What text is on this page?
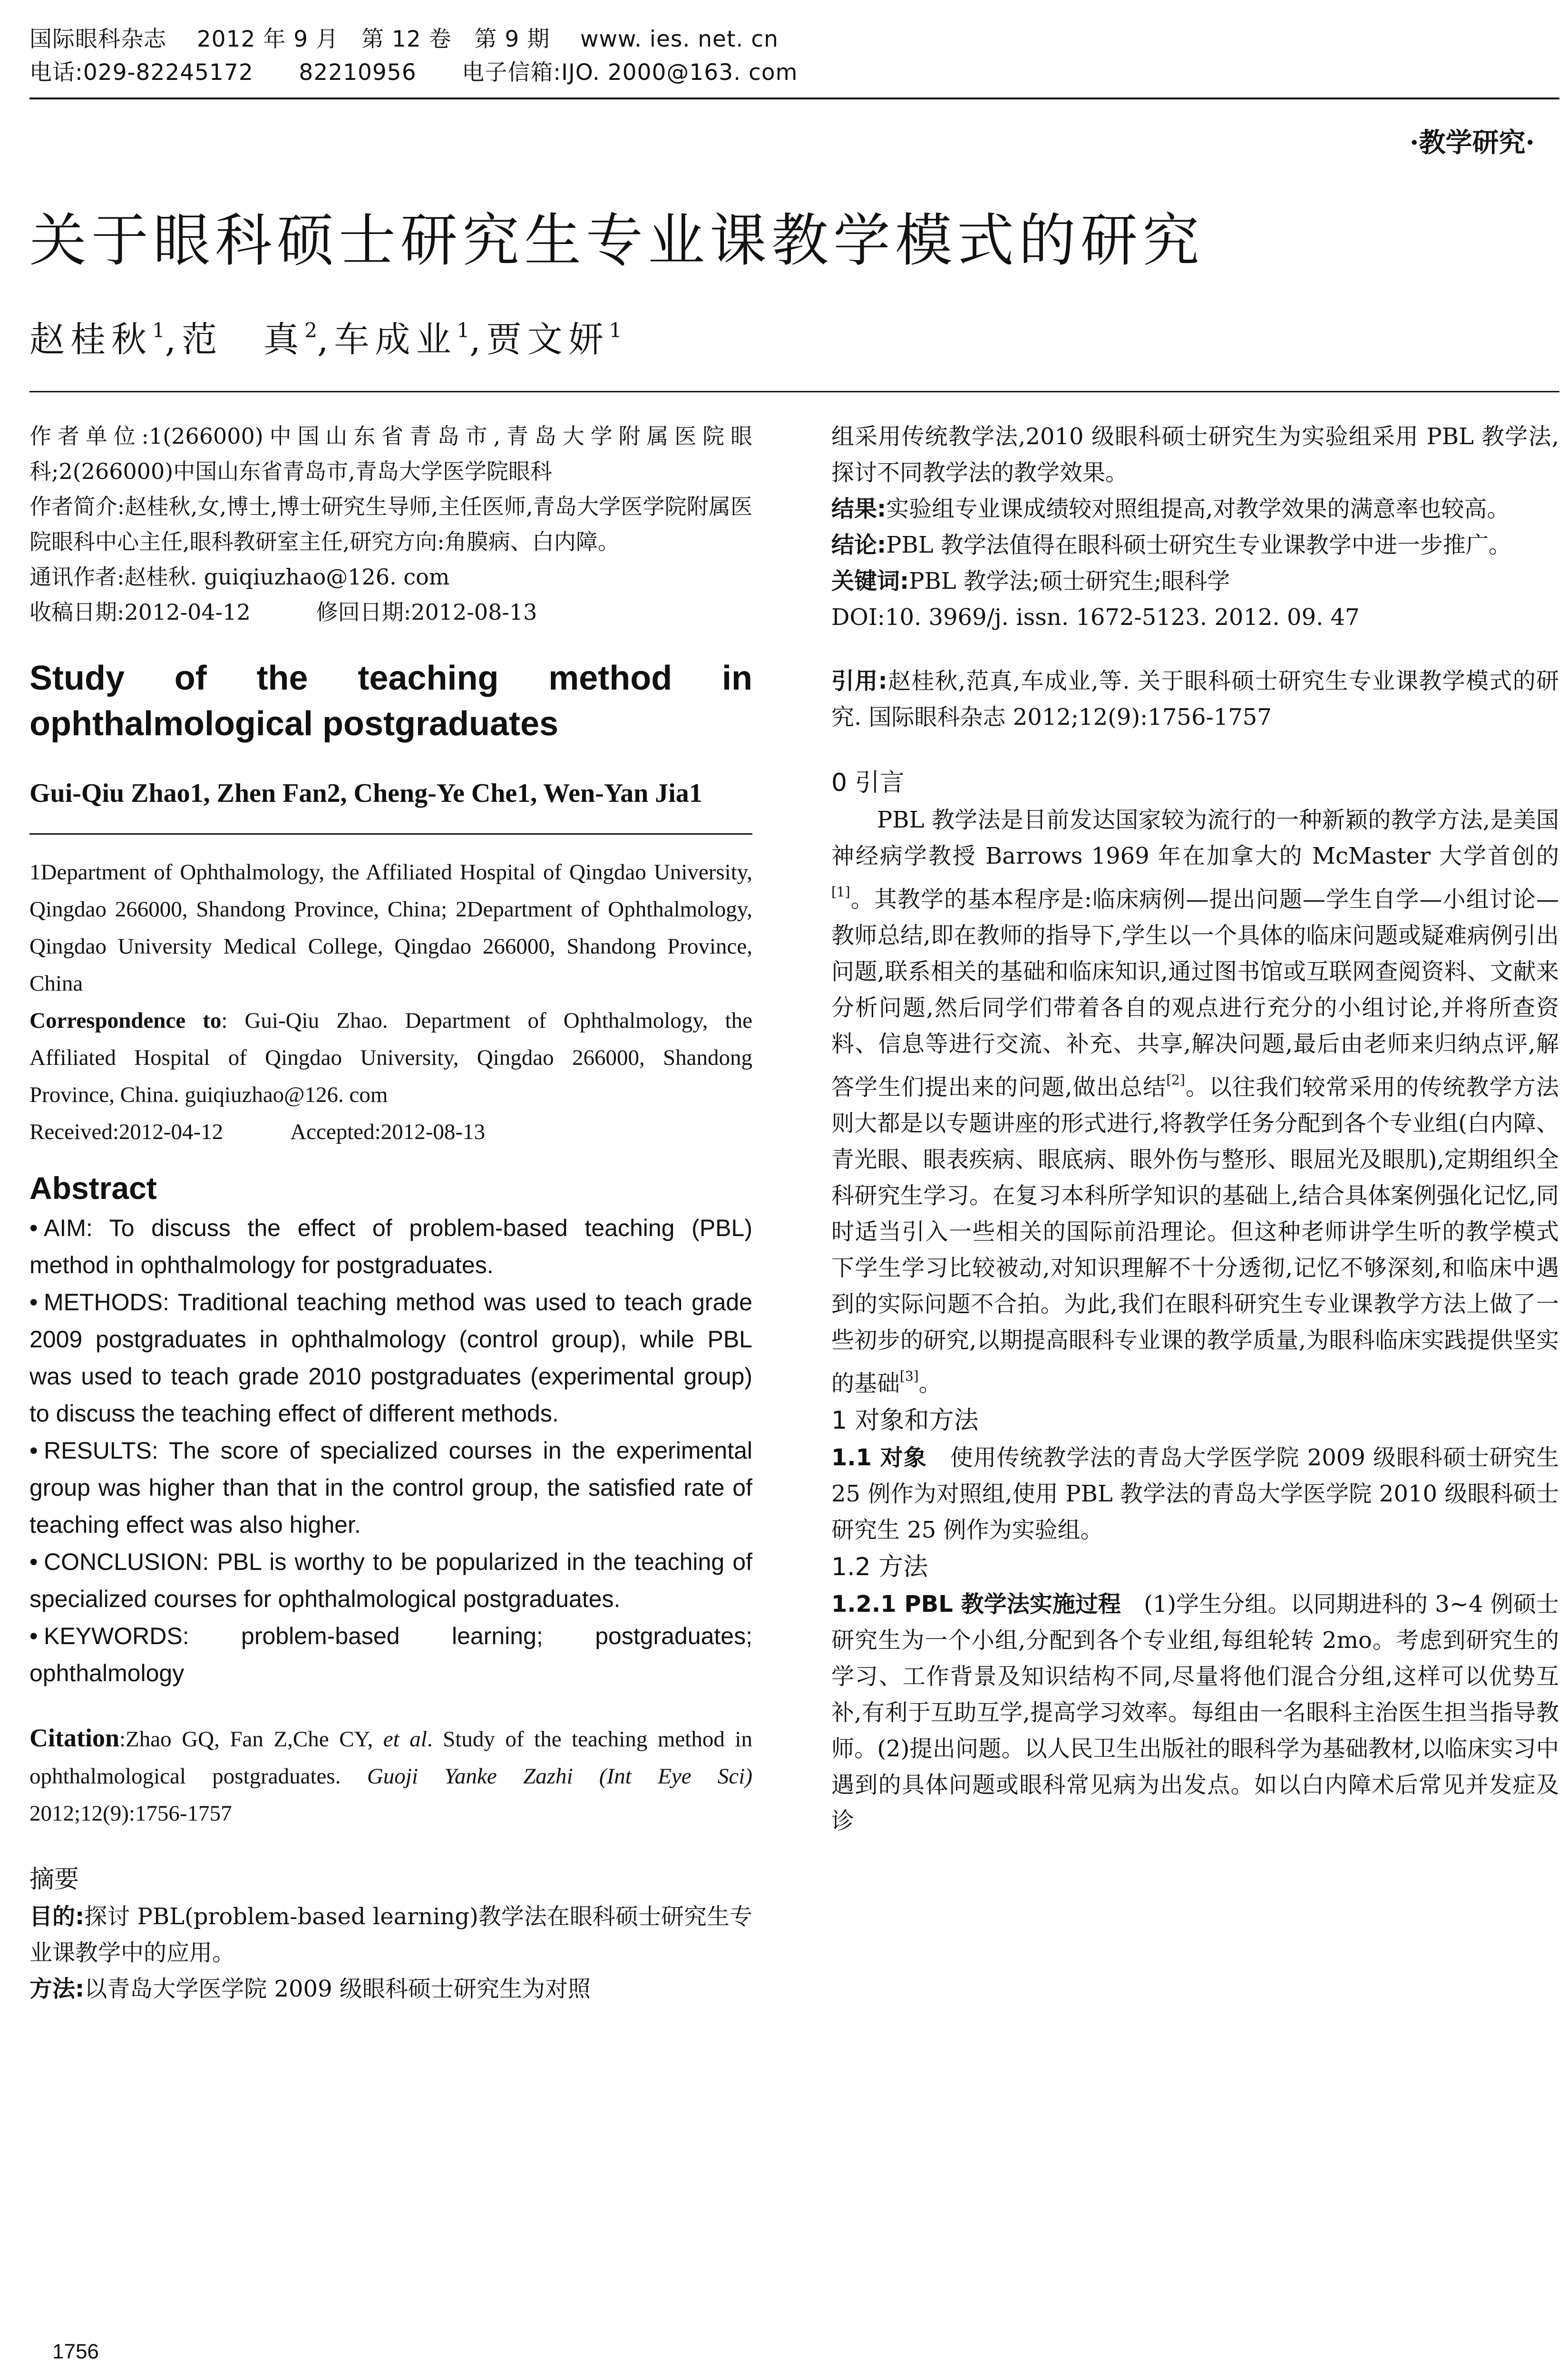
国际眼科杂志
2012 年 9 月
第 12 卷
第 9 期
www. ies. net. cn
电话:029-82245172
82210956
电子信箱:IJO. 2000@163. com
·教学研究·
关于眼科硕士研究生专业课教学模式的研究
赵桂秋$^1$,范　真$^2$,车成业$^1$,贾文妍$^1$
作者单位:1(266000)中国山东省青岛市,青岛大学附属医院眼科;2(266000)中国山东省青岛市,青岛大学医学院眼科
作者简介:赵桂秋,女,博士,博士研究生导师,主任医师,青岛大学医学院附属医院眼科中心主任,眼科教研室主任,研究方向:角膜病、白内障。
通讯作者:赵桂秋. guiqiuzhao@126. com
收稿日期:2012-04-12　　　	修回日期:2012-08-13
Study of the teaching method in
ophthalmological postgraduates
Gui-Qiu Zhao1, Zhen Fan2, Cheng-Ye Che1, Wen-Yan Jia1
1Department of Ophthalmology, the Affiliated Hospital of Qingdao University, Qingdao 266000, Shandong Province, China; 2Department of Ophthalmology, Qingdao University Medical College, Qingdao 266000, Shandong Province, China
Correspondence to: Gui-Qiu Zhao. Department of Ophthalmology, the Affiliated Hospital of Qingdao University, Qingdao 266000, Shandong Province, China. guiqiuzhao@126. com
Received:2012-04-12　　　	Accepted:2012-08-13
Abstract
• AIM: To discuss the effect of problem-based teaching (PBL) method in ophthalmology for postgraduates.
• METHODS: Traditional teaching method was used to teach grade 2009 postgraduates in ophthalmology (control group), while PBL was used to teach grade 2010 postgraduates (experimental group) to discuss the teaching effect of different methods.
• RESULTS: The score of specialized courses in the experimental group was higher than that in the control group, the satisfied rate of teaching effect was also higher.
• CONCLUSION: PBL is worthy to be popularized in the teaching of specialized courses for ophthalmological postgraduates.
• KEYWORDS: problem-based learning; postgraduates; ophthalmology
Citation:Zhao GQ, Fan Z,Che CY, et al. Study of the teaching method in ophthalmological postgraduates. Guoji Yanke Zazhi (Int Eye Sci) 2012;12(9):1756-1757
摘要
目的:探讨 PBL(problem-based learning)教学法在眼科硕士研究生专业课教学中的应用。
方法:以青岛大学医学院 2009 级眼科硕士研究生为对照
组采用传统教学法,2010 级眼科硕士研究生为实验组采用 PBL 教学法,探讨不同教学法的教学效果。
结果:实验组专业课成绩较对照组提高,对教学效果的满意率也较高。
结论:PBL 教学法值得在眼科硕士研究生专业课教学中进一步推广。
关键词:PBL 教学法;硕士研究生;眼科学
DOI:10. 3969/j. issn. 1672-5123. 2012. 09. 47
引用:赵桂秋,范真,车成业,等. 关于眼科硕士研究生专业课教学模式的研究. 国际眼科杂志 2012;12(9):1756-1757
0 引言
PBL 教学法是目前发达国家较为流行的一种新颖的教学方法,是美国神经病学教授 Barrows 1969 年在加拿大的 McMaster 大学首创的[1]。其教学的基本程序是:临床病例—提出问题—学生自学—小组讨论—教师总结,即在教师的指导下,学生以一个具体的临床问题或疑难病例引出问题,联系相关的基础和临床知识,通过图书馆或互联网查阅资料、文献来分析问题,然后同学们带着各自的观点进行充分的小组讨论,并将所查资料、信息等进行交流、补充、共享,解决问题,最后由老师来归纳点评,解答学生们提出来的问题,做出总结[2]。以往我们较常采用的传统教学方法则大都是以专题讲座的形式进行,将教学任务分配到各个专业组(白内障、青光眼、眼表疾病、眼底病、眼外伤与整形、眼屈光及眼肌),定期组织全科研究生学习。在复习本科所学知识的基础上,结合具体案例强化记忆,同时适当引入一些相关的国际前沿理论。但这种老师讲学生听的教学模式下学生学习比较被动,对知识理解不十分透彻,记忆不够深刻,和临床中遇到的实际问题不合拍。为此,我们在眼科研究生专业课教学方法上做了一些初步的研究,以期提高眼科专业课的教学质量,为眼科临床实践提供坚实的基础[3]。
1 对象和方法
1.1 对象　使用传统教学法的青岛大学医学院 2009 级眼科硕士研究生 25 例作为对照组,使用 PBL 教学法的青岛大学医学院 2010 级眼科硕士研究生 25 例作为实验组。
1.2 方法
1.2.1 PBL 教学法实施过程　(1)学生分组。以同期进科的 3~4 例硕士研究生为一个小组,分配到各个专业组,每组轮转 2mo。考虑到研究生的学习、工作背景及知识结构不同,尽量将他们混合分组,这样可以优势互补,有利于互助互学,提高学习效率。每组由一名眼科主治医生担当指导教师。(2)提出问题。以人民卫生出版社的眼科学为基础教材,以临床实习中遇到的具体问题或眼科常见病为出发点。如以白内障术后常见并发症及诊
1756
